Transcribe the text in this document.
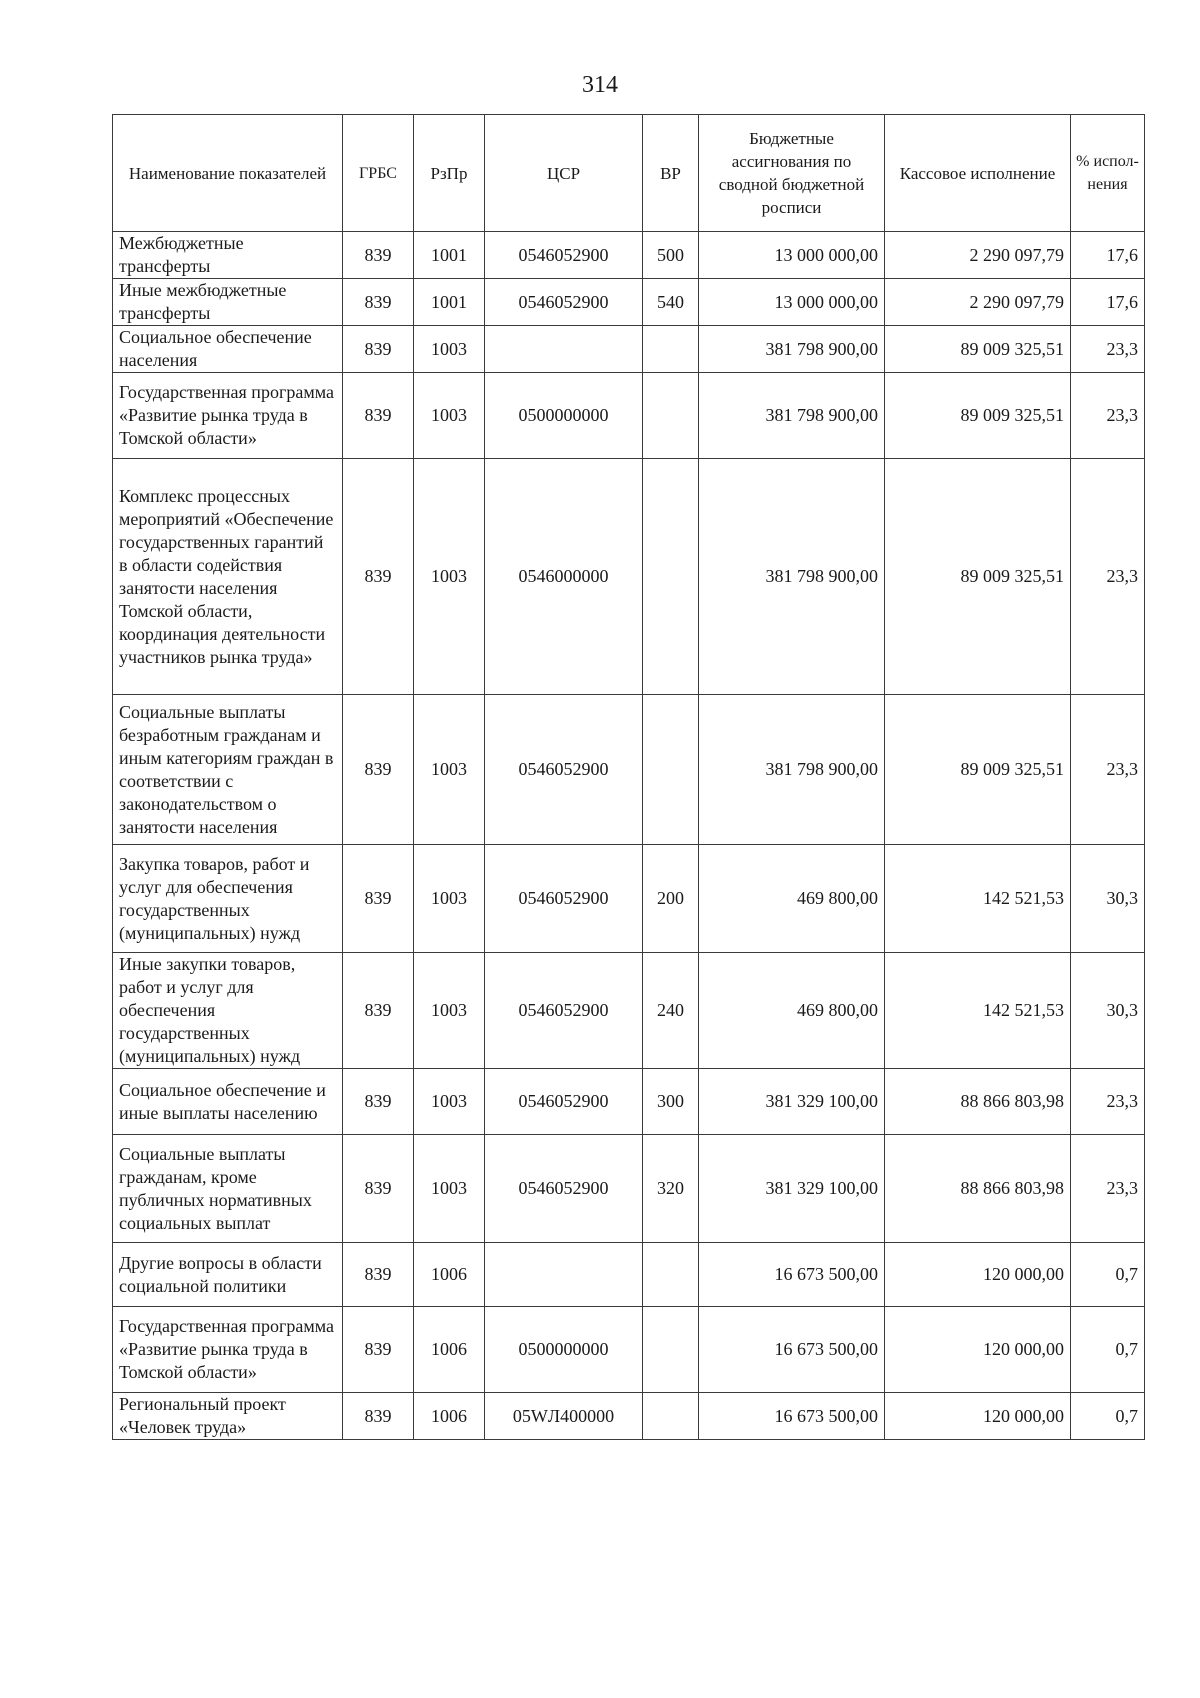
314
Наименование показателей	ГРБС	РзПр	ЦСР	ВР	Бюджетные ассигнования по сводной бюджетной росписи	Кассовое исполнение	% испол-нения
Межбюджетные трансферты	839	1001	0546052900	500	13 000 000,00	2 290 097,79	17,6
Иные межбюджетные трансферты	839	1001	0546052900	540	13 000 000,00	2 290 097,79	17,6
Социальное обеспечение населения	839	1003			381 798 900,00	89 009 325,51	23,3
Государственная программа «Развитие рынка труда в Томской области»	839	1003	0500000000		381 798 900,00	89 009 325,51	23,3
Комплекс процессных мероприятий «Обеспечение государственных гарантий в области содействия занятости населения Томской области, координация деятельности участников рынка труда»	839	1003	0546000000		381 798 900,00	89 009 325,51	23,3
Социальные выплаты безработным гражданам и иным категориям граждан в соответствии с законодательством о занятости населения	839	1003	0546052900		381 798 900,00	89 009 325,51	23,3
Закупка товаров, работ и услуг для обеспечения государственных (муниципальных) нужд	839	1003	0546052900	200	469 800,00	142 521,53	30,3
Иные закупки товаров, работ и услуг для обеспечения государственных (муниципальных) нужд	839	1003	0546052900	240	469 800,00	142 521,53	30,3
Социальное обеспечение и иные выплаты населению	839	1003	0546052900	300	381 329 100,00	88 866 803,98	23,3
Социальные выплаты гражданам, кроме публичных нормативных социальных выплат	839	1003	0546052900	320	381 329 100,00	88 866 803,98	23,3
Другие вопросы в области социальной политики	839	1006			16 673 500,00	120 000,00	0,7
Государственная программа «Развитие рынка труда в Томской области»	839	1006	0500000000		16 673 500,00	120 000,00	0,7
Региональный проект «Человек труда»	839	1006	05WЛ400000		16 673 500,00	120 000,00	0,7
